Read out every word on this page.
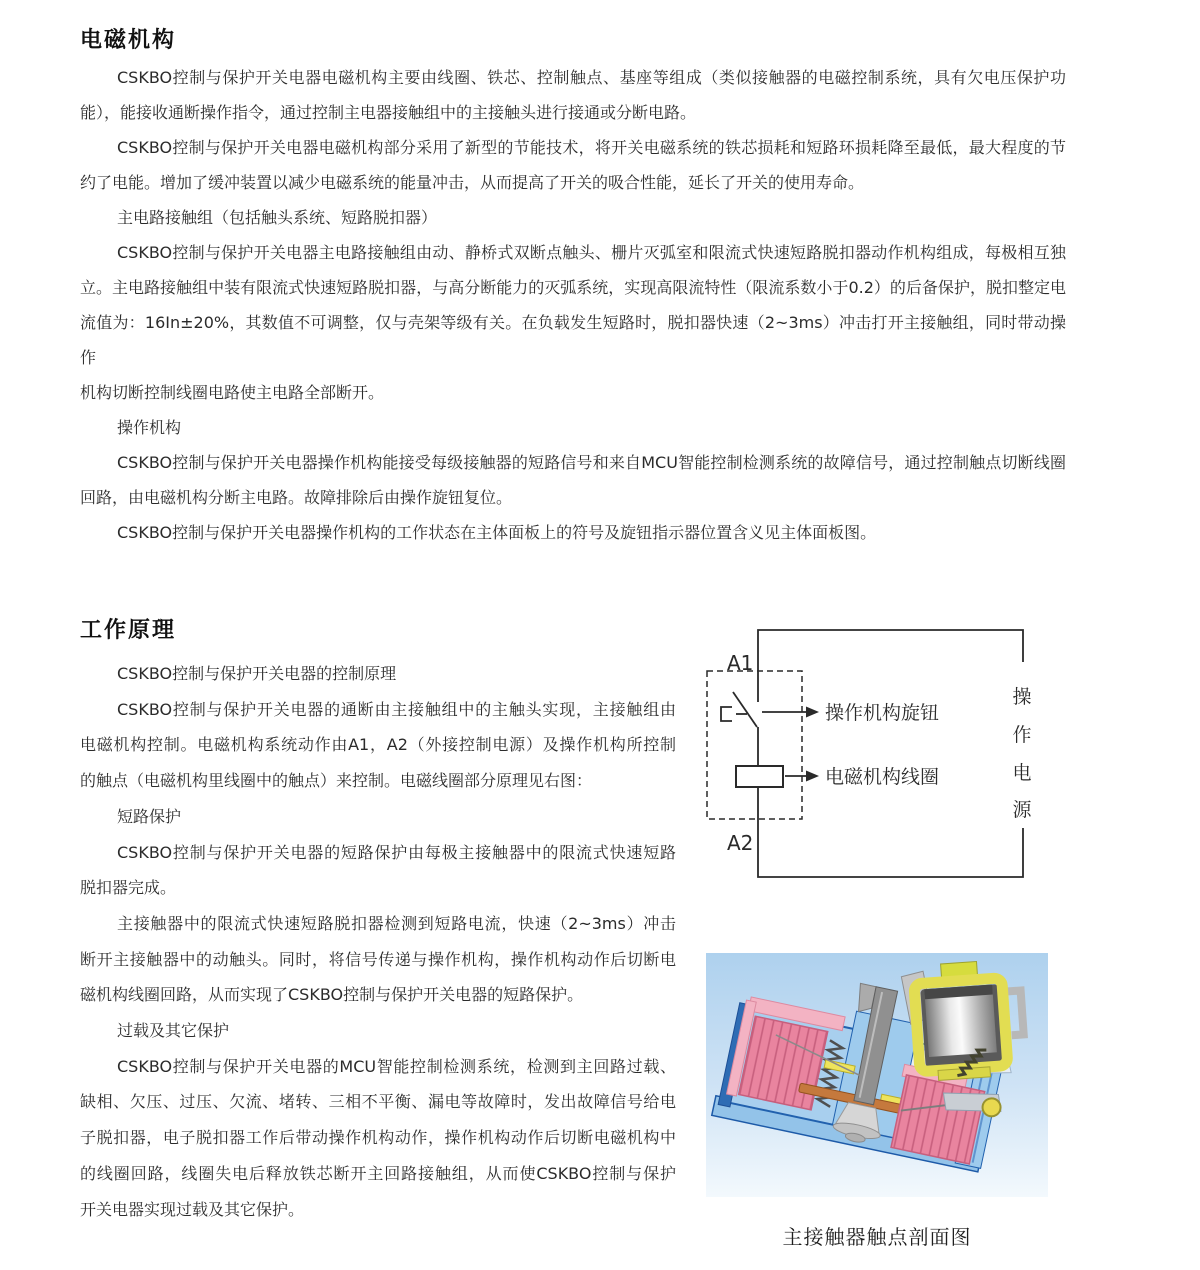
电磁机构
CSKBO控制与保护开关电器电磁机构主要由线圈、铁芯、控制触点、基座等组成（类似接触器的电磁控制系统，具有欠电压保护功
能），能接收通断操作指令，通过控制主电器接触组中的主接触头进行接通或分断电路。
CSKBO控制与保护开关电器电磁机构部分采用了新型的节能技术，将开关电磁系统的铁芯损耗和短路环损耗降至最低，最大程度的节
约了电能。增加了缓冲装置以减少电磁系统的能量冲击，从而提高了开关的吸合性能，延长了开关的使用寿命。
主电路接触组（包括触头系统、短路脱扣器）
CSKBO控制与保护开关电器主电路接触组由动、静桥式双断点触头、栅片灭弧室和限流式快速短路脱扣器动作机构组成，每极相互独
立。主电路接触组中装有限流式快速短路脱扣器，与高分断能力的灭弧系统，实现高限流特性（限流系数小于0.2）的后备保护，脱扣整定电
流值为：16In±20%，其数值不可调整，仅与壳架等级有关。在负载发生短路时，脱扣器快速（2~3ms）冲击打开主接触组，同时带动操作
机构切断控制线圈电路使主电路全部断开。
操作机构
CSKBO控制与保护开关电器操作机构能接受每级接触器的短路信号和来自MCU智能控制检测系统的故障信号，通过控制触点切断线圈
回路，由电磁机构分断主电路。故障排除后由操作旋钮复位。
CSKBO控制与保护开关电器操作机构的工作状态在主体面板上的符号及旋钮指示器位置含义见主体面板图。
工作原理
CSKBO控制与保护开关电器的控制原理
CSKBO控制与保护开关电器的通断由主接触组中的主触头实现，主接触组由
电磁机构控制。电磁机构系统动作由A1，A2（外接控制电源）及操作机构所控制
的触点（电磁机构里线圈中的触点）来控制。电磁线圈部分原理见右图：
短路保护
CSKBO控制与保护开关电器的短路保护由每极主接触器中的限流式快速短路
脱扣器完成。
主接触器中的限流式快速短路脱扣器检测到短路电流，快速（2~3ms）冲击
断开主接触器中的动触头。同时，将信号传递与操作机构，操作机构动作后切断电
磁机构线圈回路，从而实现了CSKBO控制与保护开关电器的短路保护。
过载及其它保护
CSKBO控制与保护开关电器的MCU智能控制检测系统，检测到主回路过载、
缺相、欠压、过压、欠流、堵转、三相不平衡、漏电等故障时，发出故障信号给电
子脱扣器，电子脱扣器工作后带动操作机构动作，操作机构动作后切断电磁机构中
的线圈回路，线圈失电后释放铁芯断开主回路接触组，从而使CSKBO控制与保护
开关电器实现过载及其它保护。
A1
A2
操作机构旋钮
电磁机构线圈
操
作
电
源
主接触器触点剖面图
